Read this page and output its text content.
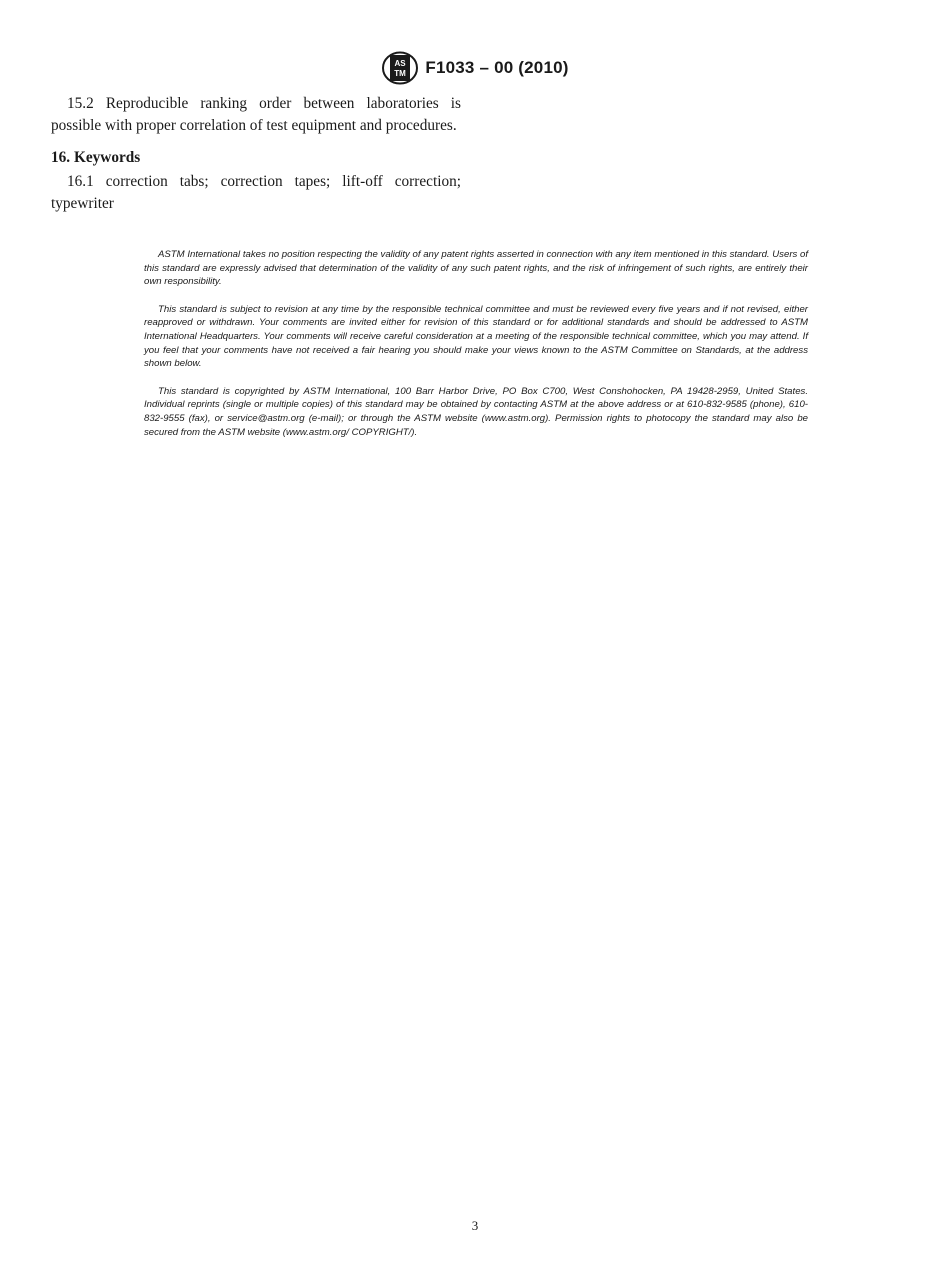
AS
TM F1033 – 00 (2010)

15.2 Reproducible ranking order between laboratories is possible with proper correlation of test equipment and procedures.

16. Keywords

16.1 correction tabs; correction tapes; lift-off correction; typewriter

ASTM International takes no position respecting the validity of any patent rights asserted in connection with any item mentioned in this standard. Users of this standard are expressly advised that determination of the validity of any such patent rights, and the risk of infringement of such rights, are entirely their own responsibility.

This standard is subject to revision at any time by the responsible technical committee and must be reviewed every five years and if not revised, either reapproved or withdrawn. Your comments are invited either for revision of this standard or for additional standards and should be addressed to ASTM International Headquarters. Your comments will receive careful consideration at a meeting of the responsible technical committee, which you may attend. If you feel that your comments have not received a fair hearing you should make your views known to the ASTM Committee on Standards, at the address shown below.

This standard is copyrighted by ASTM International, 100 Barr Harbor Drive, PO Box C700, West Conshohocken, PA 19428-2959, United States. Individual reprints (single or multiple copies) of this standard may be obtained by contacting ASTM at the above address or at 610-832-9585 (phone), 610-832-9555 (fax), or service@astm.org (e-mail); or through the ASTM website (www.astm.org). Permission rights to photocopy the standard may also be secured from the ASTM website (www.astm.org/ COPYRIGHT/).

3
